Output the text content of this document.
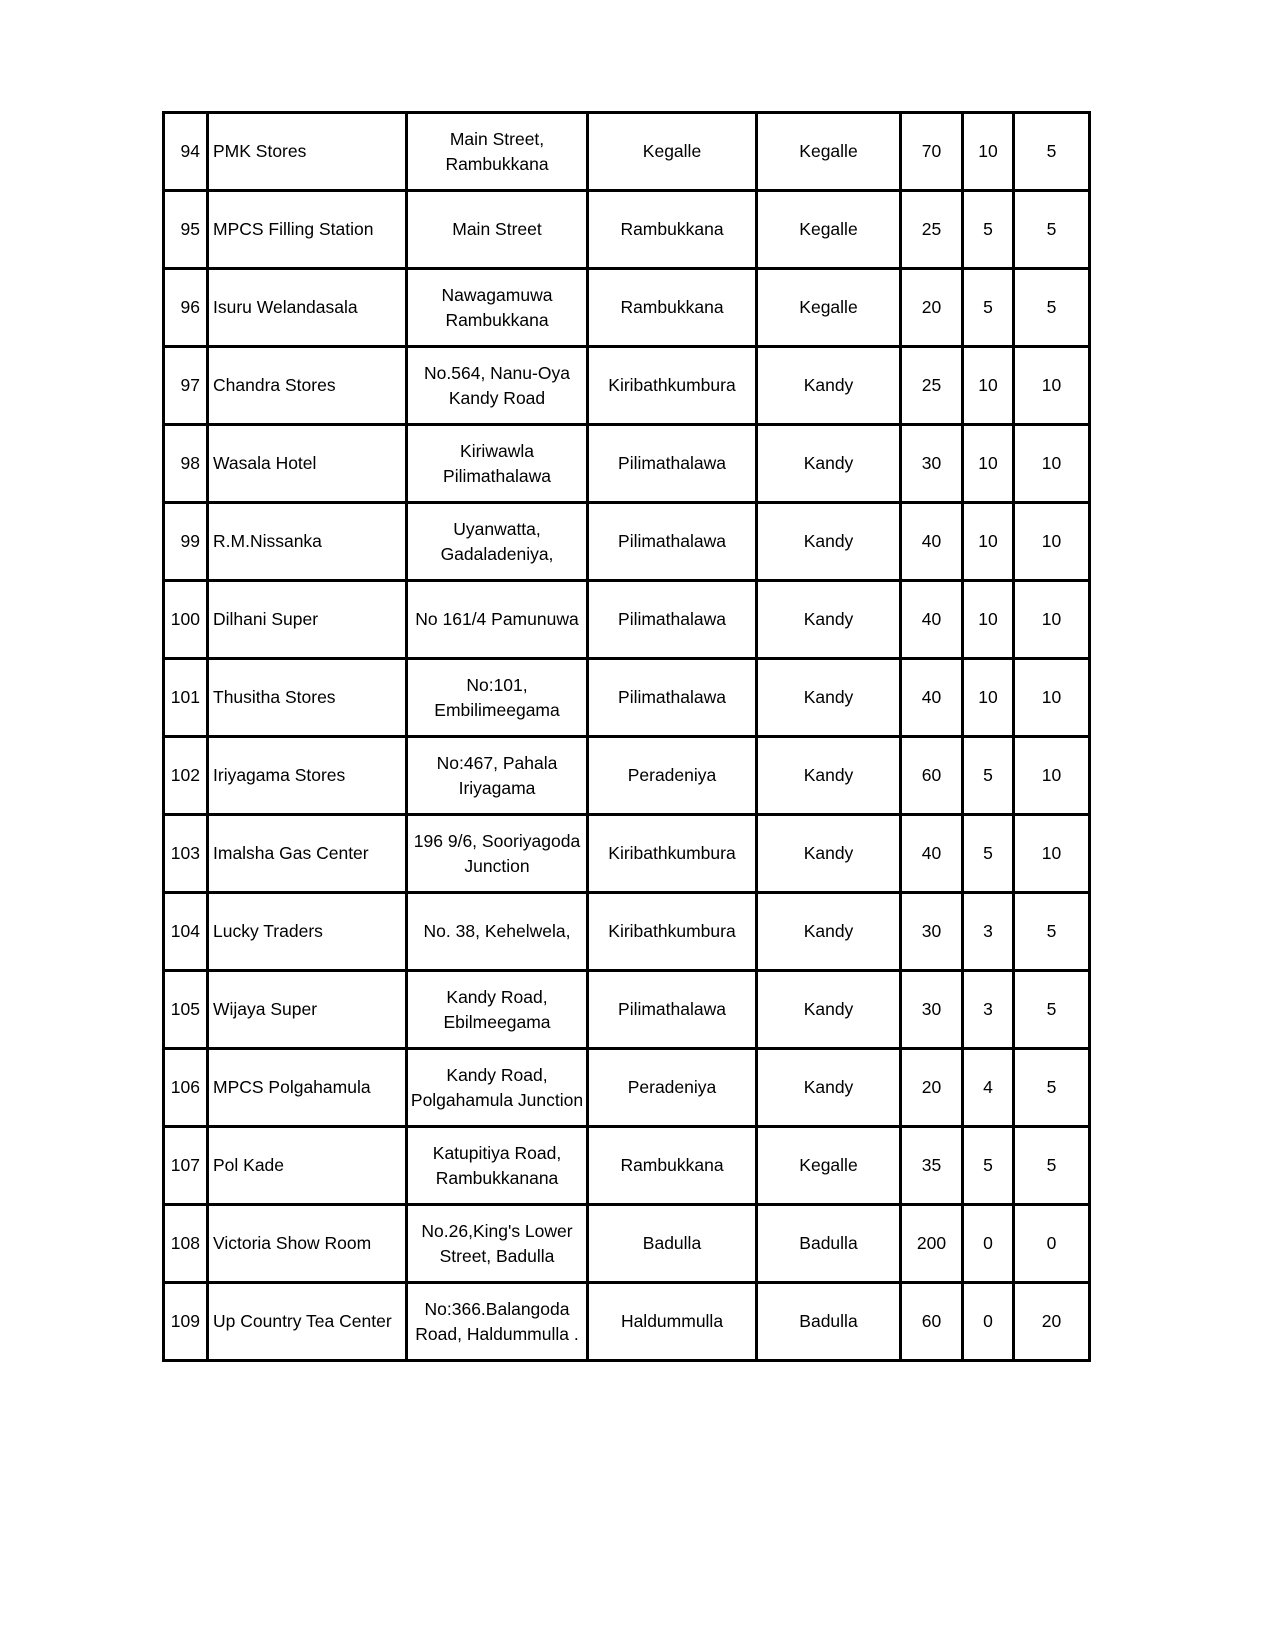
94	PMK Stores	Main Street, Rambukkana	Kegalle	Kegalle	70	10	5
95	MPCS Filling Station	Main Street	Rambukkana	Kegalle	25	5	5
96	Isuru Welandasala	Nawagamuwa Rambukkana	Rambukkana	Kegalle	20	5	5
97	Chandra Stores	No.564, Nanu-Oya Kandy Road	Kiribathkumbura	Kandy	25	10	10
98	Wasala Hotel	Kiriwawla Pilimathalawa	Pilimathalawa	Kandy	30	10	10
99	R.M.Nissanka	Uyanwatta, Gadaladeniya,	Pilimathalawa	Kandy	40	10	10
100	Dilhani Super	No 161/4 Pamunuwa	Pilimathalawa	Kandy	40	10	10
101	Thusitha Stores	No:101, Embilimeegama	Pilimathalawa	Kandy	40	10	10
102	Iriyagama Stores	No:467, Pahala Iriyagama	Peradeniya	Kandy	60	5	10
103	Imalsha Gas Center	196 9/6, Sooriyagoda Junction	Kiribathkumbura	Kandy	40	5	10
104	Lucky Traders	No. 38, Kehelwela,	Kiribathkumbura	Kandy	30	3	5
105	Wijaya Super	Kandy Road, Ebilmeegama	Pilimathalawa	Kandy	30	3	5
106	MPCS Polgahamula	Kandy Road, Polgahamula Junction	Peradeniya	Kandy	20	4	5
107	Pol Kade	Katupitiya Road, Rambukkanana	Rambukkana	Kegalle	35	5	5
108	Victoria Show Room	No.26,King's Lower Street, Badulla	Badulla	Badulla	200	0	0
109	Up Country Tea Center	No:366.Balangoda Road, Haldummulla .	Haldummulla	Badulla	60	0	20
